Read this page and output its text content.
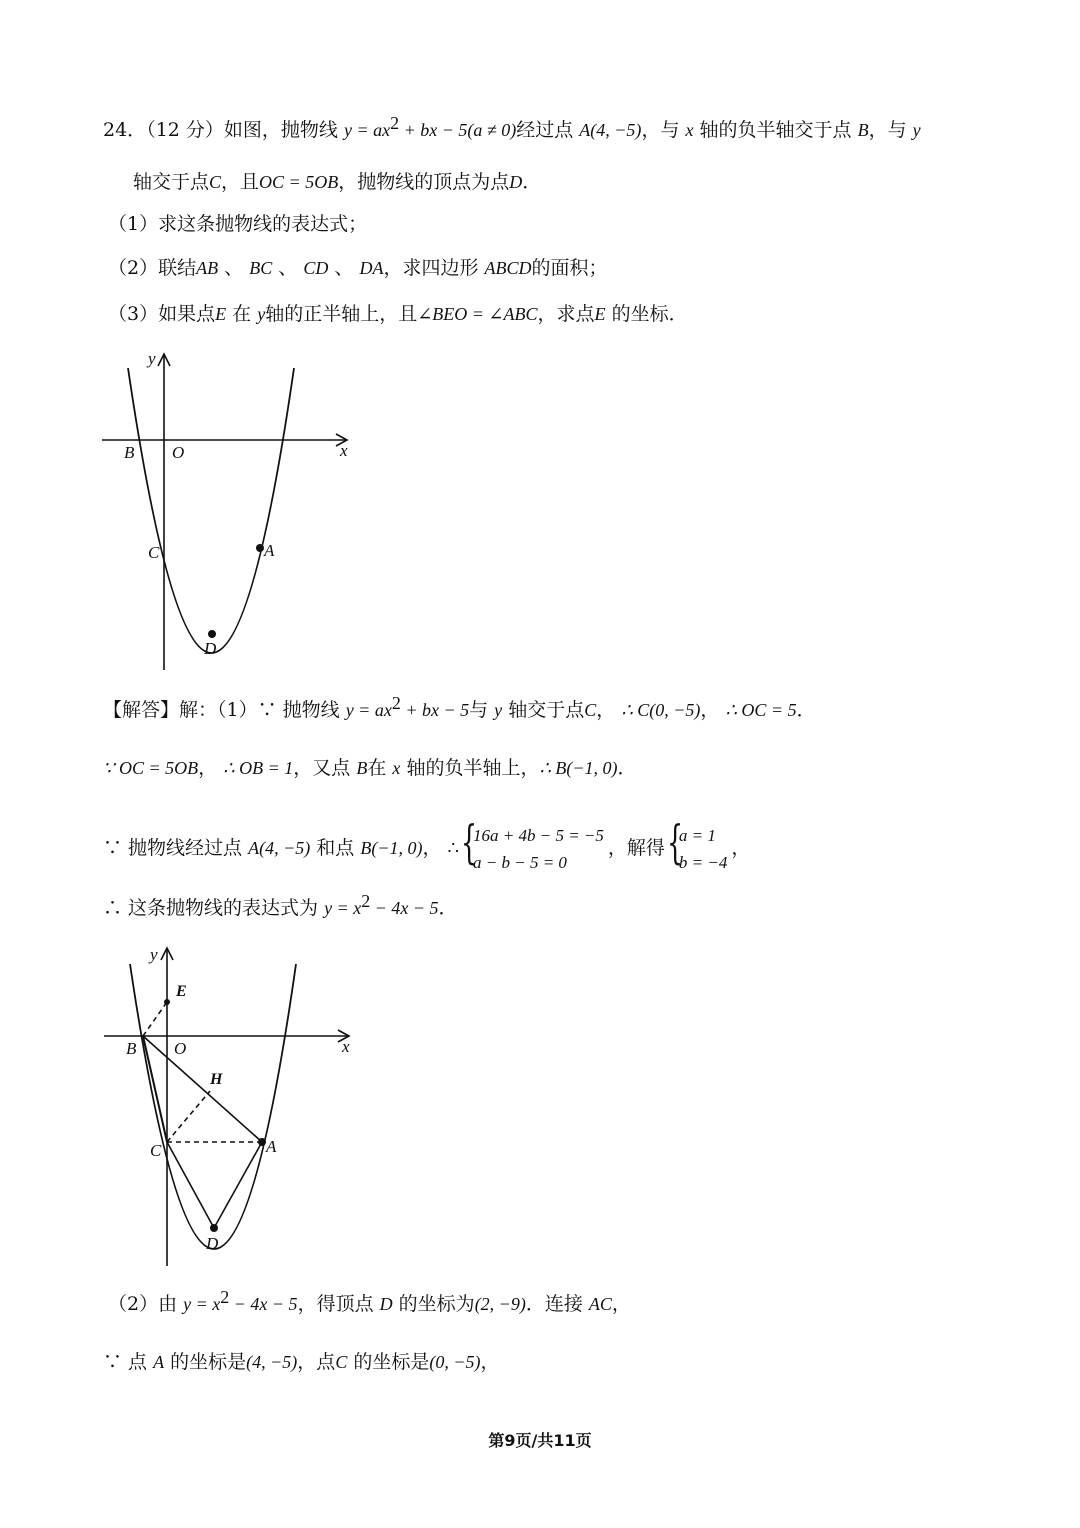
24．（12 分）如图，抛物线 $y = ax^2$ + bx − 5(a ≠ 0)经过点 A(4, −5)，与 x 轴的负半轴交于点 B，与 y
轴交于点C，且OC = 5OB，抛物线的顶点为点D．
（1）求这条抛物线的表达式；
（2）联结AB 、 BC 、 CD 、 DA，求四边形 ABCD的面积；
（3）如果点E 在 y轴的正半轴上，且∠BEO = ∠ABC，求点E 的坐标．
y
x
B O
C	A
D
【解答】解：（1）∵ 抛物线 $y = ax^2$ + bx − 5与 y 轴交于点C， ∴ C(0, −5)， ∴ OC = 5．
∵ OC = 5OB， ∴ OB = 1，又点 B在 x 轴的负半轴上，∴ B(−1, 0)．
∵ 抛物线经过点 A(4, −5) 和点 B(−1, 0)， ∴ {
16a + 4b − 5 = −5
a − b − 5 = 0
，解得 {
a = 1
b = −4
，
∴ 这条抛物线的表达式为 $y = x^2 - 4x - 5$．
y
x
E
B O
H
C	A
D
（2）由 $y = x^2 - 4x - 5$，得顶点 D 的坐标为(2, −9)．连接 AC，
∵ 点 A 的坐标是(4, −5)，点C 的坐标是(0, −5)，
第9页/共11页
